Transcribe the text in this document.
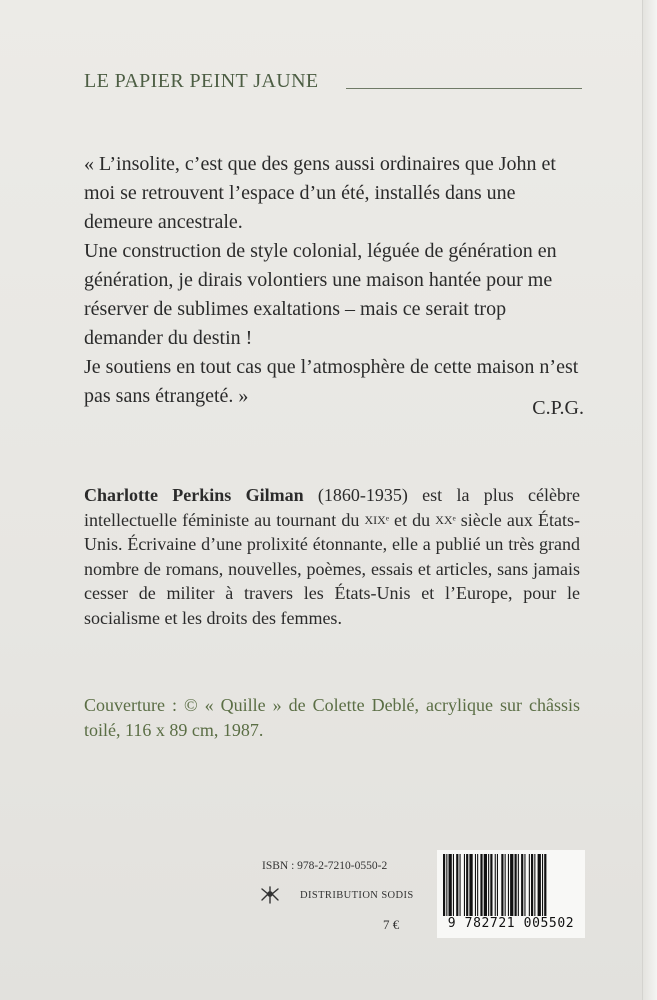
LE PAPIER PEINT JAUNE

« L’insolite, c’est que des gens aussi ordinaires que John et moi se retrouvent l’espace d’un été, installés dans une demeure ancestrale.

Une construction de style colonial, léguée de génération en génération, je dirais volontiers une maison hantée pour me réserver de sublimes exaltations – mais ce serait trop demander du destin !

Je soutiens en tout cas que l’atmosphère de cette maison n’est pas sans étrangeté. »

C.P.G.
Charlotte Perkins Gilman (1860-1935) est la plus célèbre intellectuelle féministe au tournant du XIXᵉ et du XXᵉ siècle aux États-Unis. Écrivaine d’une prolixité étonnante, elle a publié un très grand nombre de romans, nouvelles, poèmes, essais et articles, sans jamais cesser de militer à travers les États-Unis et l’Europe, pour le socialisme et les droits des femmes.
Couverture : © « Quille » de Colette Deblé, acrylique sur châssis toilé, 116 x 89 cm, 1987.
ISBN : 978-2-7210-0550-2
DISTRIBUTION SODIS
7 €	9 782721 005502
